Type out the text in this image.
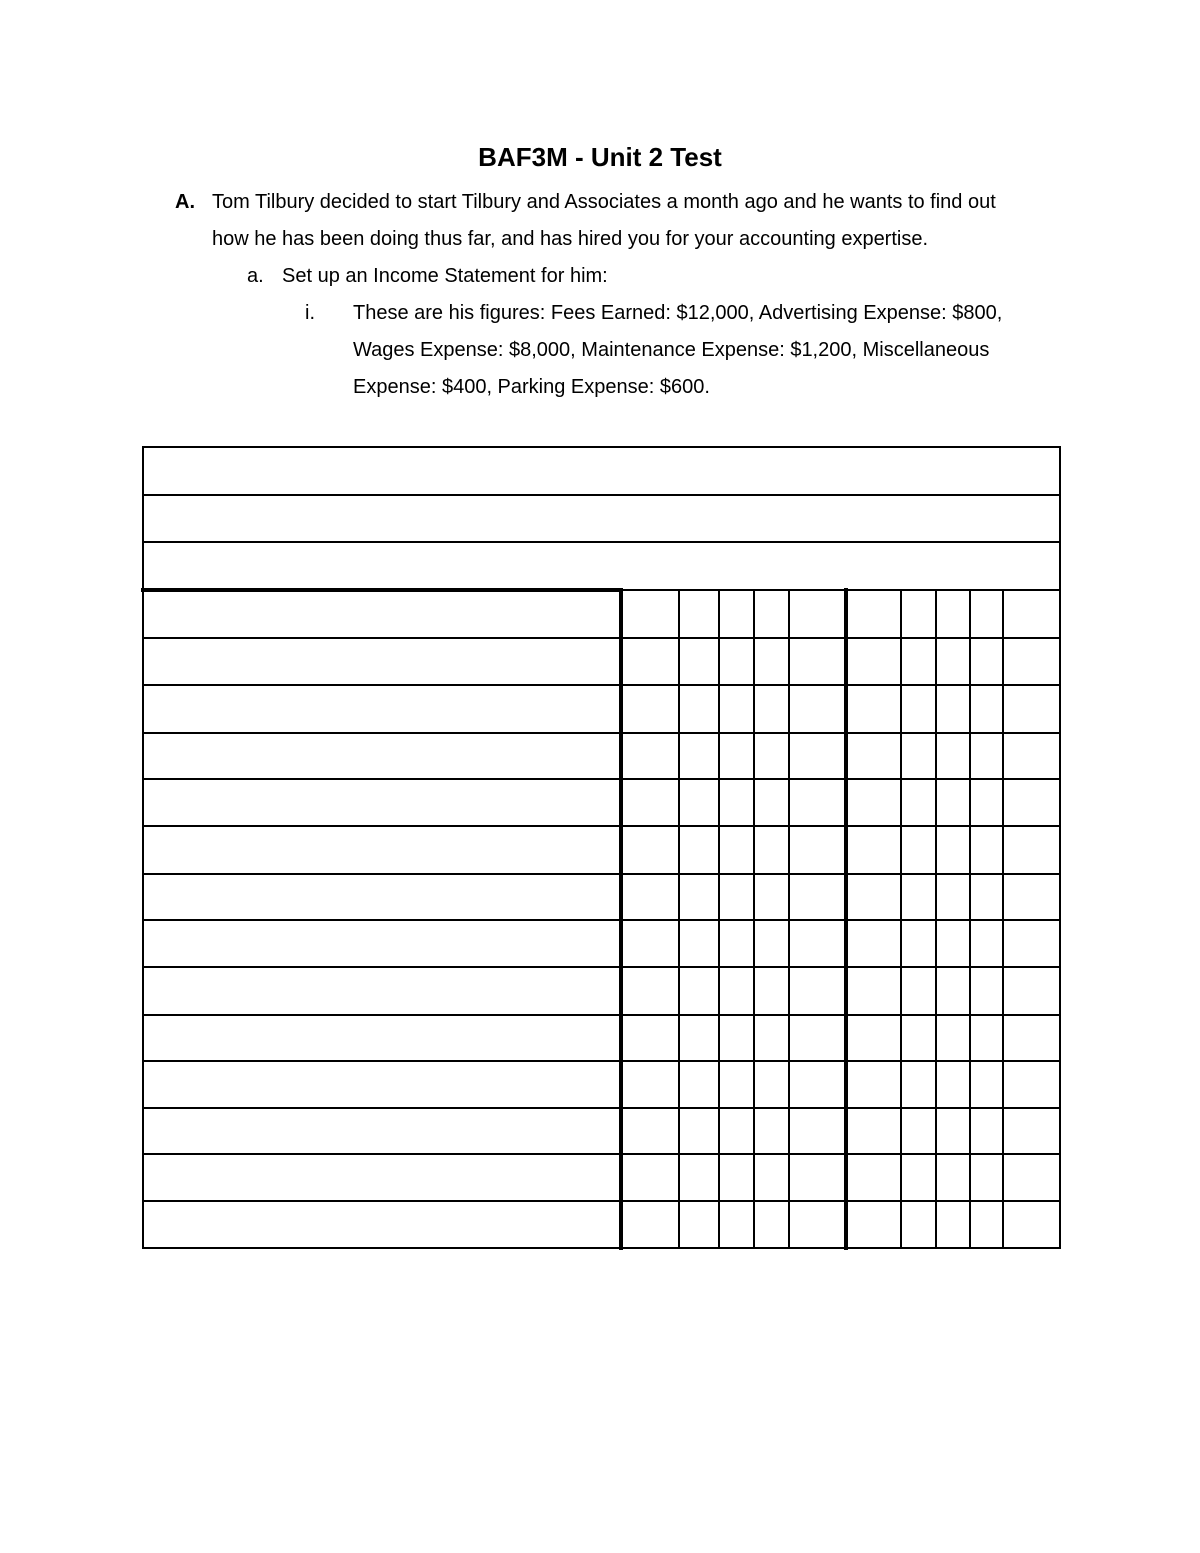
BAF3M - Unit 2 Test
A. Tom Tilbury decided to start Tilbury and Associates a month ago and he wants to find out
how he has been doing thus far, and has hired you for your accounting expertise.
a. Set up an Income Statement for him:
i. These are his figures: Fees Earned: $12,000, Advertising Expense: $800,
Wages Expense: $8,000, Maintenance Expense: $1,200, Miscellaneous
Expense: $400, Parking Expense: $600.
